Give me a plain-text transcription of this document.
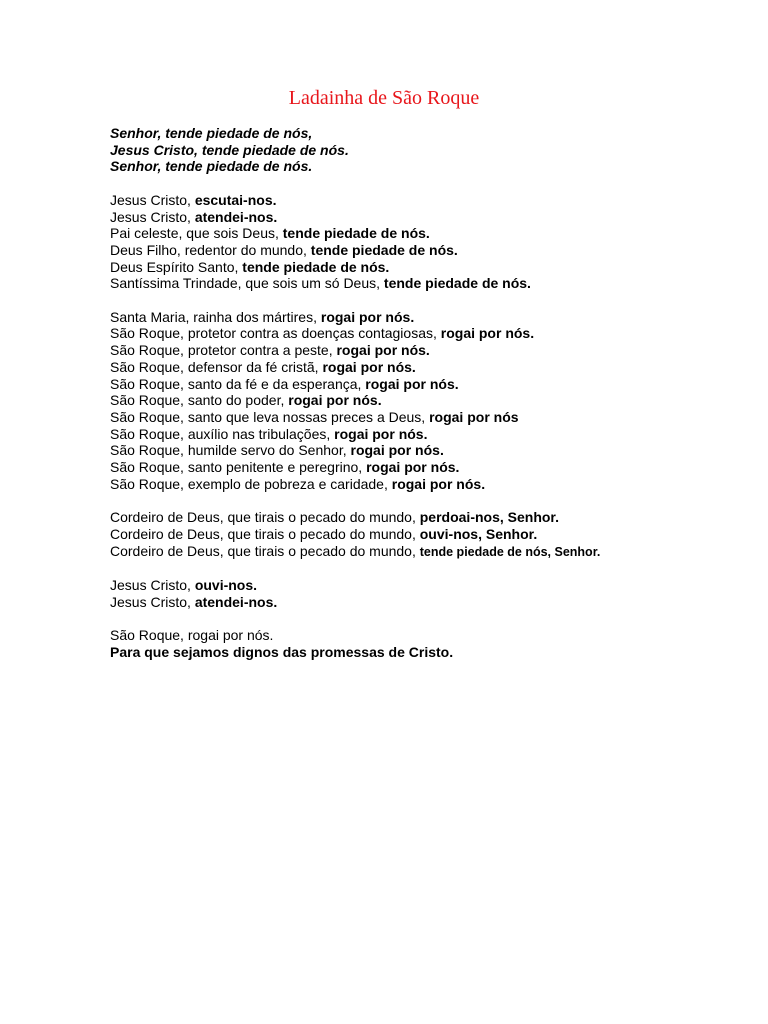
Ladainha de São Roque
Senhor, tende piedade de nós,
Jesus Cristo, tende piedade de nós.
Senhor, tende piedade de nós.
Jesus Cristo, escutai-nos.
Jesus Cristo, atendei-nos.
Pai celeste, que sois Deus, tende piedade de nós.
Deus Filho, redentor do mundo, tende piedade de nós.
Deus Espírito Santo, tende piedade de nós.
Santíssima Trindade, que sois um só Deus, tende piedade de nós.
Santa Maria, rainha dos mártires, rogai por nós.
São Roque, protetor contra as doenças contagiosas, rogai por nós.
São Roque, protetor contra a peste, rogai por nós.
São Roque, defensor da fé cristã, rogai por nós.
São Roque, santo da fé e da esperança, rogai por nós.
São Roque, santo do poder, rogai por nós.
São Roque, santo que leva nossas preces a Deus, rogai por nós
São Roque, auxílio nas tribulações, rogai por nós.
São Roque, humilde servo do Senhor, rogai por nós.
São Roque, santo penitente e peregrino, rogai por nós.
São Roque, exemplo de pobreza e caridade, rogai por nós.
Cordeiro de Deus, que tirais o pecado do mundo, perdoai-nos, Senhor.
Cordeiro de Deus, que tirais o pecado do mundo, ouvi-nos, Senhor.
Cordeiro de Deus, que tirais o pecado do mundo, tende piedade de nós, Senhor.
Jesus Cristo, ouvi-nos.
Jesus Cristo, atendei-nos.
São Roque, rogai por nós.
Para que sejamos dignos das promessas de Cristo.
